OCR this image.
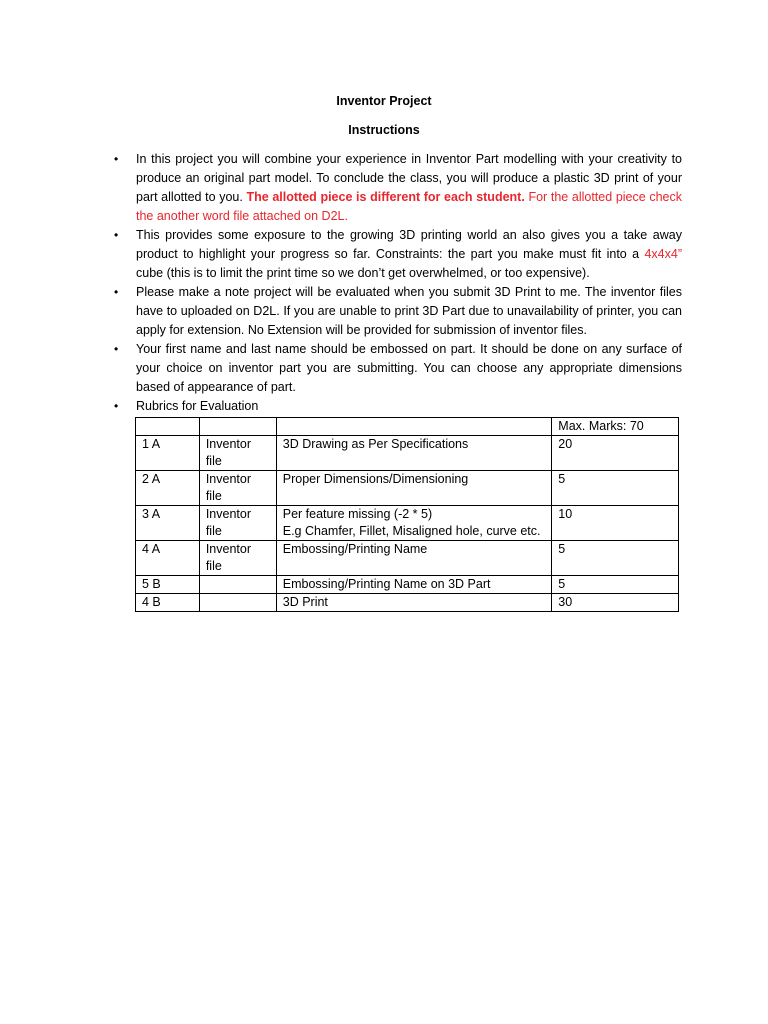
Inventor Project
Instructions
• In this project you will combine your experience in Inventor Part modelling with your creativity to produce an original part model. To conclude the class, you will produce a plastic 3D print of your part allotted to you. The allotted piece is different for each student. For the allotted piece check the another word file attached on D2L.
• This provides some exposure to the growing 3D printing world an also gives you a take away product to highlight your progress so far. Constraints: the part you make must fit into a 4x4x4” cube (this is to limit the print time so we don’t get overwhelmed, or too expensive).
• Please make a note project will be evaluated when you submit 3D Print to me. The inventor files have to uploaded on D2L. If you are unable to print 3D Part due to unavailability of printer, you can apply for extension. No Extension will be provided for submission of inventor files.
• Your first name and last name should be embossed on part. It should be done on any surface of your choice on inventor part you are submitting. You can choose any appropriate dimensions based of appearance of part.
• Rubrics for Evaluation
			Max. Marks: 70
1 A	Inventor file	3D Drawing as Per Specifications	20
2 A	Inventor file	Proper Dimensions/Dimensioning	5
3 A	Inventor file	Per feature missing (-2 * 5)
E.g Chamfer, Fillet, Misaligned hole, curve etc.	10
4 A	Inventor file	Embossing/Printing Name	5
5 B		Embossing/Printing Name on 3D Part	5
4 B		3D Print	30
